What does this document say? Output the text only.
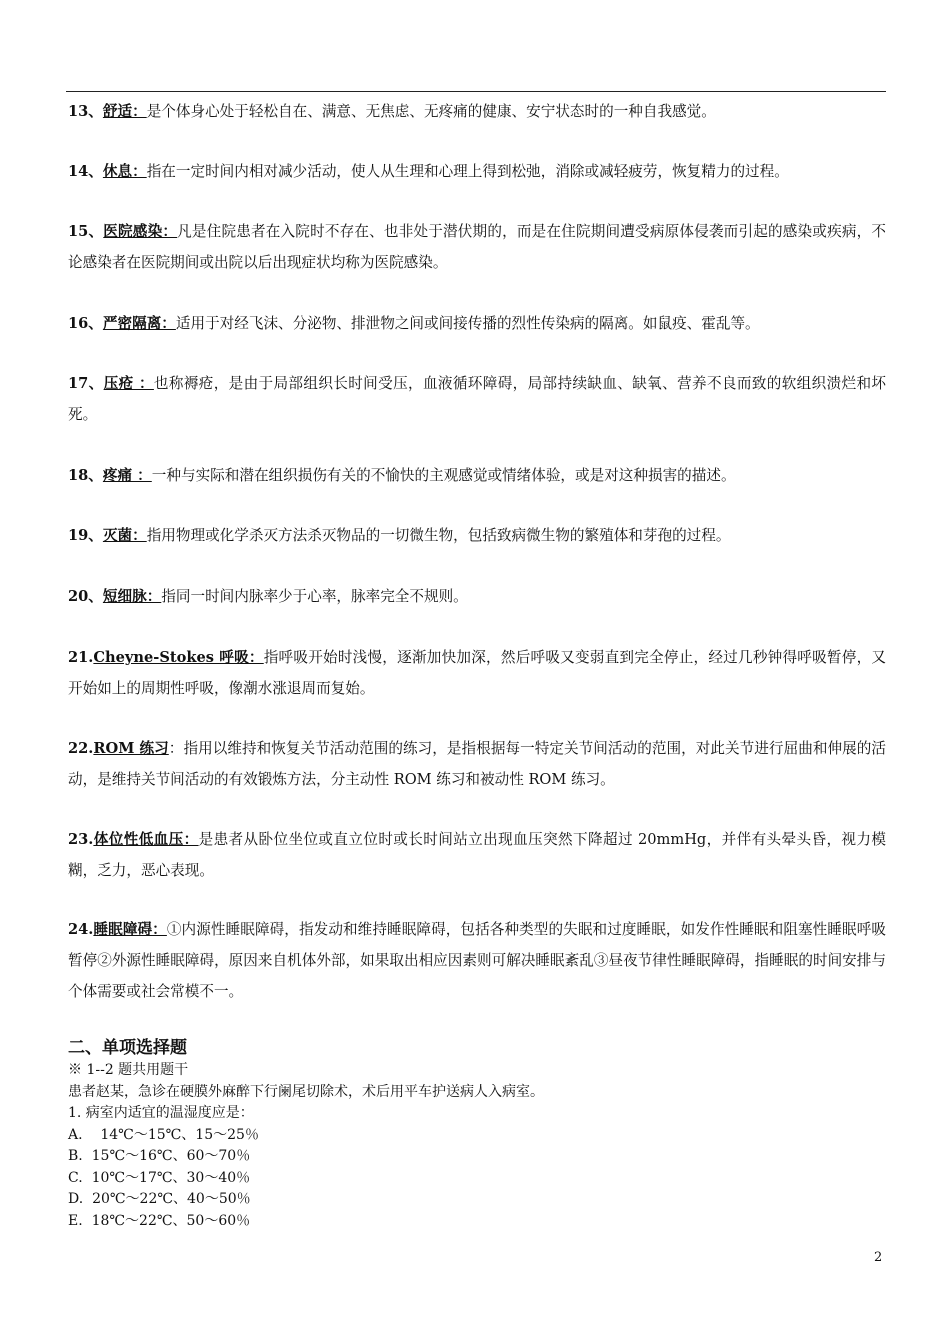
13、舒适：是个体身心处于轻松自在、满意、无焦虑、无疼痛的健康、安宁状态时的一种自我感觉。

14、休息：指在一定时间内相对减少活动，使人从生理和心理上得到松弛，消除或减轻疲劳，恢复精力的过程。

15、医院感染：凡是住院患者在入院时不存在、也非处于潜伏期的，而是在住院期间遭受病原体侵袭而引起的感染或疾病，不论感染者在医院期间或出院以后出现症状均称为医院感染。

16、严密隔离：适用于对经飞沫、分泌物、排泄物之间或间接传播的烈性传染病的隔离。如鼠疫、霍乱等。

17、压疮 ：也称褥疮，是由于局部组织长时间受压，血液循环障碍，局部持续缺血、缺氧、营养不良而致的软组织溃烂和坏死。

18、疼痛 ：一种与实际和潜在组织损伤有关的不愉快的主观感觉或情绪体验，或是对这种损害的描述。

19、灭菌：指用物理或化学杀灭方法杀灭物品的一切微生物，包括致病微生物的繁殖体和芽孢的过程。

20、短细脉：指同一时间内脉率少于心率，脉率完全不规则。

21.Cheyne-Stokes 呼吸：指呼吸开始时浅慢，逐渐加快加深，然后呼吸又变弱直到完全停止，经过几秒钟得呼吸暂停，又开始如上的周期性呼吸，像潮水涨退周而复始。

22.ROM 练习：指用以维持和恢复关节活动范围的练习，是指根据每一特定关节间活动的范围，对此关节进行屈曲和伸展的活动，是维持关节间活动的有效锻炼方法，分主动性 ROM 练习和被动性 ROM 练习。

23.体位性低血压：是患者从卧位坐位或直立位时或长时间站立出现血压突然下降超过 20mmHg，并伴有头晕头昏，视力模糊，乏力，恶心表现。

24.睡眠障碍：①内源性睡眠障碍，指发动和维持睡眠障碍，包括各种类型的失眠和过度睡眠，如发作性睡眠和阻塞性睡眠呼吸暂停②外源性睡眠障碍，原因来自机体外部，如果取出相应因素则可解决睡眠紊乱③昼夜节律性睡眠障碍，指睡眠的时间安排与个体需要或社会常模不一。

二、单项选择题
※ 1--2 题共用题干
患者赵某，急诊在硬膜外麻醉下行阑尾切除术，术后用平车护送病人入病室。
1. 病室内适宜的温湿度应是：
A.    14℃～15℃、15～25％
B.  15℃～16℃、60～70％
C.  10℃～17℃、30～40％
D.  20℃～22℃、40～50％
E.  18℃～22℃、50～60％
2
